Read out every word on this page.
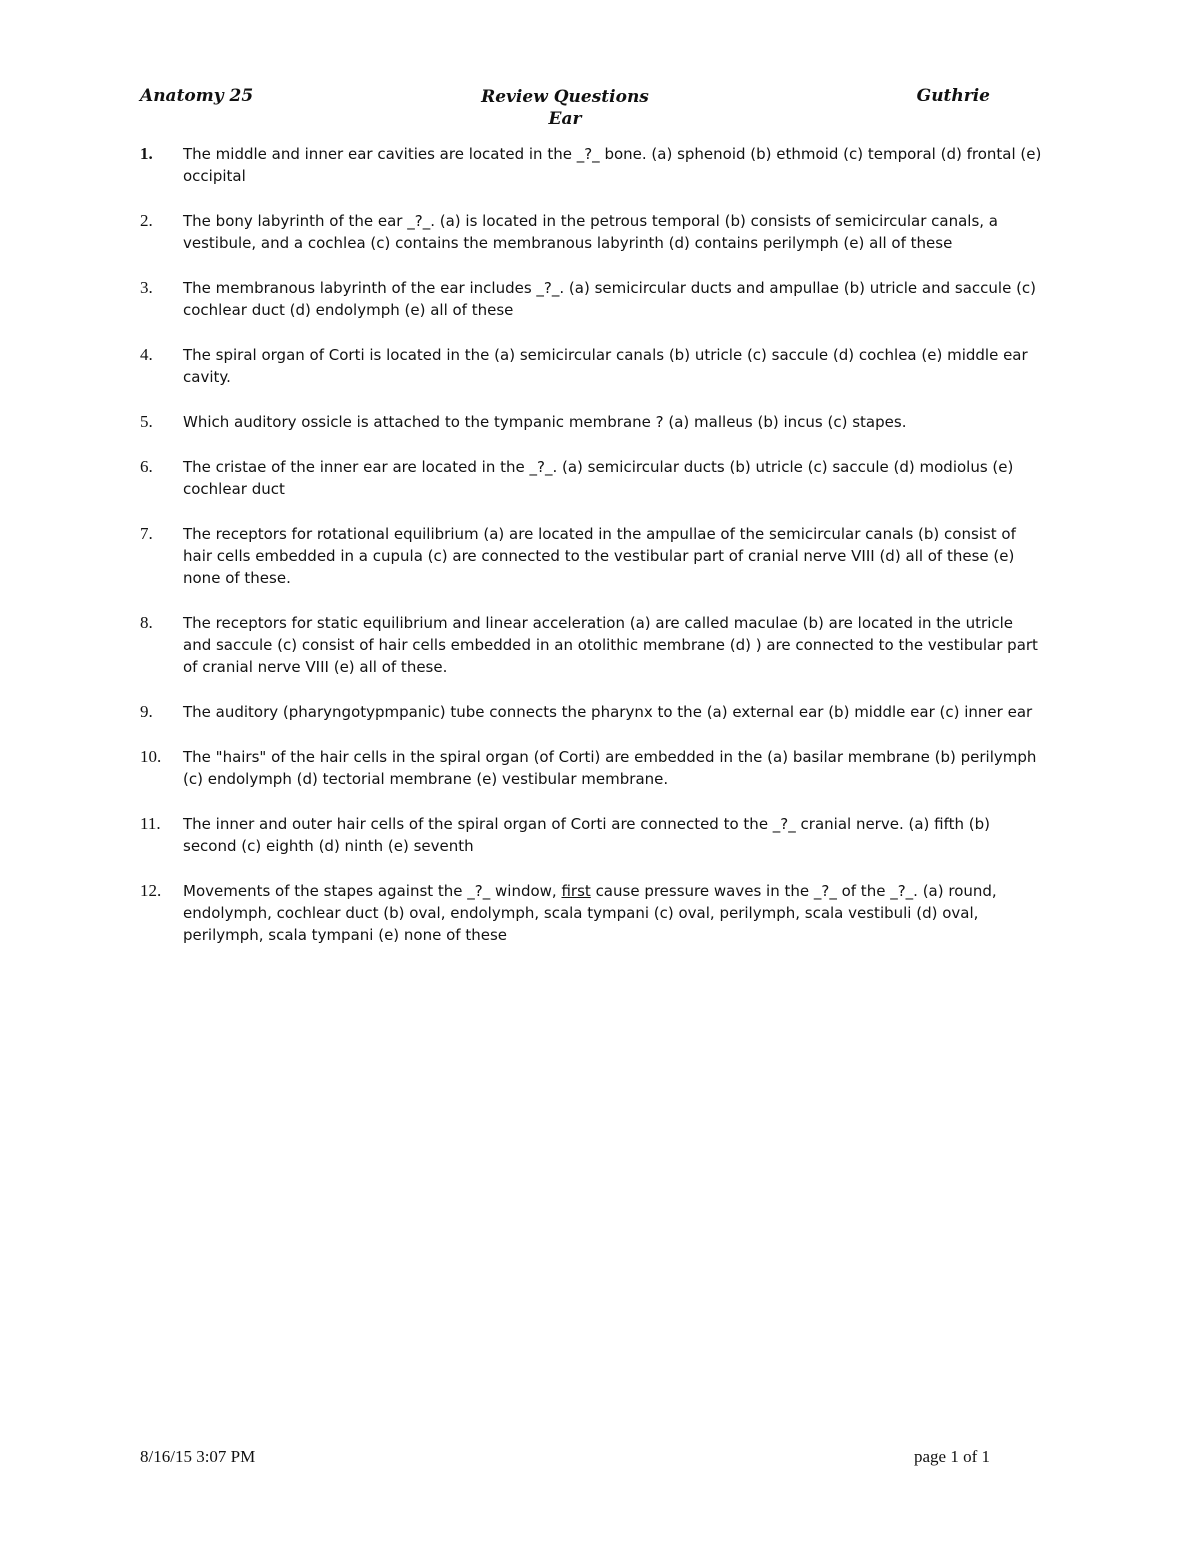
Anatomy 25	Review Questions
Ear
Guthrie
1. The middle and inner ear cavities are located in the _?_ bone. (a) sphenoid (b) ethmoid (c) temporal (d) frontal (e) occipital
2. The bony labyrinth of the ear _?_. (a) is located in the petrous temporal (b) consists of semicircular canals, a vestibule, and a cochlea (c) contains the membranous labyrinth (d) contains perilymph (e) all of these
3. The membranous labyrinth of the ear includes _?_. (a) semicircular ducts and ampullae (b) utricle and saccule (c) cochlear duct (d) endolymph (e) all of these
4. The spiral organ of Corti is located in the (a) semicircular canals (b) utricle (c) saccule (d) cochlea (e) middle ear cavity.
5. Which auditory ossicle is attached to the tympanic membrane ? (a) malleus (b) incus (c) stapes.
6. The cristae of the inner ear are located in the _?_. (a) semicircular ducts (b) utricle (c) saccule (d) modiolus (e) cochlear duct
7. The receptors for rotational equilibrium (a) are located in the ampullae of the semicircular canals (b) consist of hair cells embedded in a cupula (c) are connected to the vestibular part of cranial nerve VIII (d) all of these (e) none of these.
8. The receptors for static equilibrium and linear acceleration (a) are called maculae (b) are located in the utricle and saccule (c) consist of hair cells embedded in an otolithic membrane (d) ) are connected to the vestibular part of cranial nerve VIII (e) all of these.
9. The auditory (pharyngotypmpanic) tube connects the pharynx to the (a) external ear (b) middle ear (c) inner ear
10. The "hairs" of the hair cells in the spiral organ (of Corti) are embedded in the (a) basilar membrane (b) perilymph (c) endolymph (d) tectorial membrane (e) vestibular membrane.
11. The inner and outer hair cells of the spiral organ of Corti are connected to the _?_ cranial nerve. (a) fifth (b) second (c) eighth (d) ninth (e) seventh
12. Movements of the stapes against the _?_ window, first cause pressure waves in the _?_ of the _?_. (a) round, endolymph, cochlear duct (b) oval, endolymph, scala tympani (c) oval, perilymph, scala vestibuli (d) oval, perilymph, scala tympani (e) none of these
8/16/15 3:07 PM	page 1 of 1
